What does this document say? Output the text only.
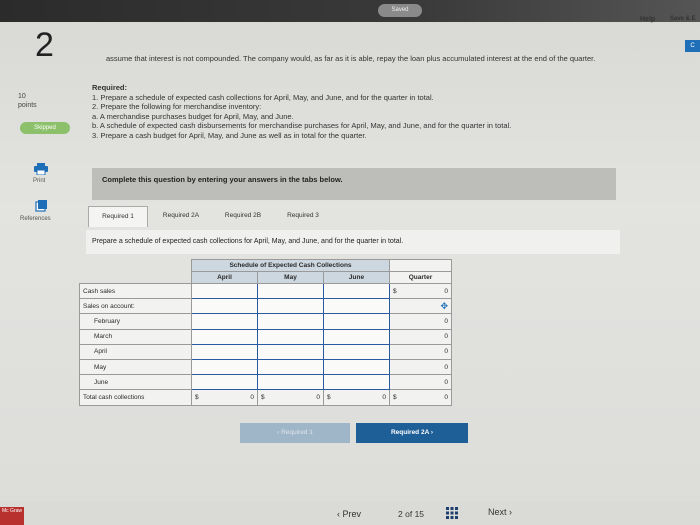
Saved
Help Save & E
C
2
10
points
Skipped
Print
References
assume that interest is not compounded. The company would, as far as it is able, repay the loan plus accumulated interest at the end of the quarter.
Required:
1. Prepare a schedule of expected cash collections for April, May, and June, and for the quarter in total.
2. Prepare the following for merchandise inventory:
a. A merchandise purchases budget for April, May, and June.
b. A schedule of expected cash disbursements for merchandise purchases for April, May, and June, and for the quarter in total.
3. Prepare a cash budget for April, May, and June as well as in total for the quarter.
Complete this question by entering your answers in the tabs below.
Required 1	Required 2A	Required 2B	Required 3
Prepare a schedule of expected cash collections for April, May, and June, and for the quarter in total.
	Schedule of Expected Cash Collections			
	April	May	June	Quarter
Cash sales				$ 0
Sales on account:				✥
February				0
March				0
April				0
May				0
June				0
Total cash collections	$ 0	$ 0	$ 0	$ 0
‹ Required 1	Required 2A ›
Mc Graw	‹ Prev	2 of 15	Next ›
